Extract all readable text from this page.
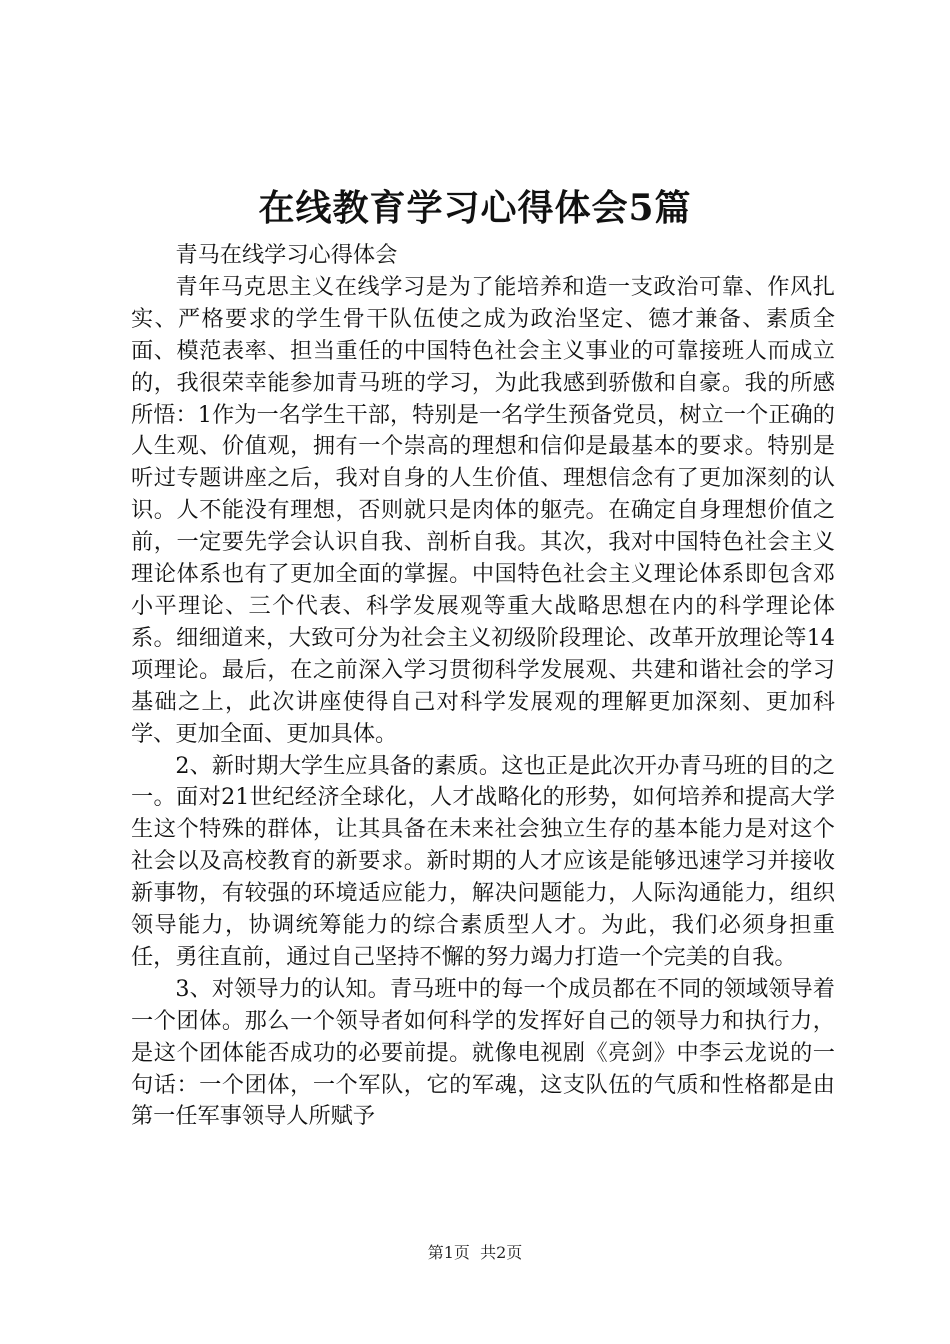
在线教育学习心得体会5篇

青马在线学习心得体会

青年马克思主义在线学习是为了能培养和造一支政治可靠、作风扎实、严格要求的学生骨干队伍使之成为政治坚定、德才兼备、素质全面、模范表率、担当重任的中国特色社会主义事业的可靠接班人而成立的，我很荣幸能参加青马班的学习，为此我感到骄傲和自豪。我的所感所悟：1作为一名学生干部，特别是一名学生预备党员，树立一个正确的人生观、价值观，拥有一个崇高的理想和信仰是最基本的要求。特别是听过专题讲座之后，我对自身的人生价值、理想信念有了更加深刻的认识。人不能没有理想，否则就只是肉体的躯壳。在确定自身理想价值之前，一定要先学会认识自我、剖析自我。其次，我对中国特色社会主义理论体系也有了更加全面的掌握。中国特色社会主义理论体系即包含邓小平理论、三个代表、科学发展观等重大战略思想在内的科学理论体系。细细道来，大致可分为社会主义初级阶段理论、改革开放理论等14项理论。最后，在之前深入学习贯彻科学发展观、共建和谐社会的学习基础之上，此次讲座使得自己对科学发展观的理解更加深刻、更加科学、更加全面、更加具体。

2、新时期大学生应具备的素质。这也正是此次开办青马班的目的之一。面对21世纪经济全球化，人才战略化的形势，如何培养和提高大学生这个特殊的群体，让其具备在未来社会独立生存的基本能力是对这个社会以及高校教育的新要求。新时期的人才应该是能够迅速学习并接收新事物，有较强的环境适应能力，解决问题能力，人际沟通能力，组织领导能力，协调统筹能力的综合素质型人才。为此，我们必须身担重任，勇往直前，通过自己坚持不懈的努力竭力打造一个完美的自我。

3、对领导力的认知。青马班中的每一个成员都在不同的领域领导着一个团体。那么一个领导者如何科学的发挥好自己的领导力和执行力，是这个团体能否成功的必要前提。就像电视剧《亮剑》中李云龙说的一句话：一个团体，一个军队，它的军魂，这支队伍的气质和性格都是由第一任军事领导人所赋予

第1页 共2页
